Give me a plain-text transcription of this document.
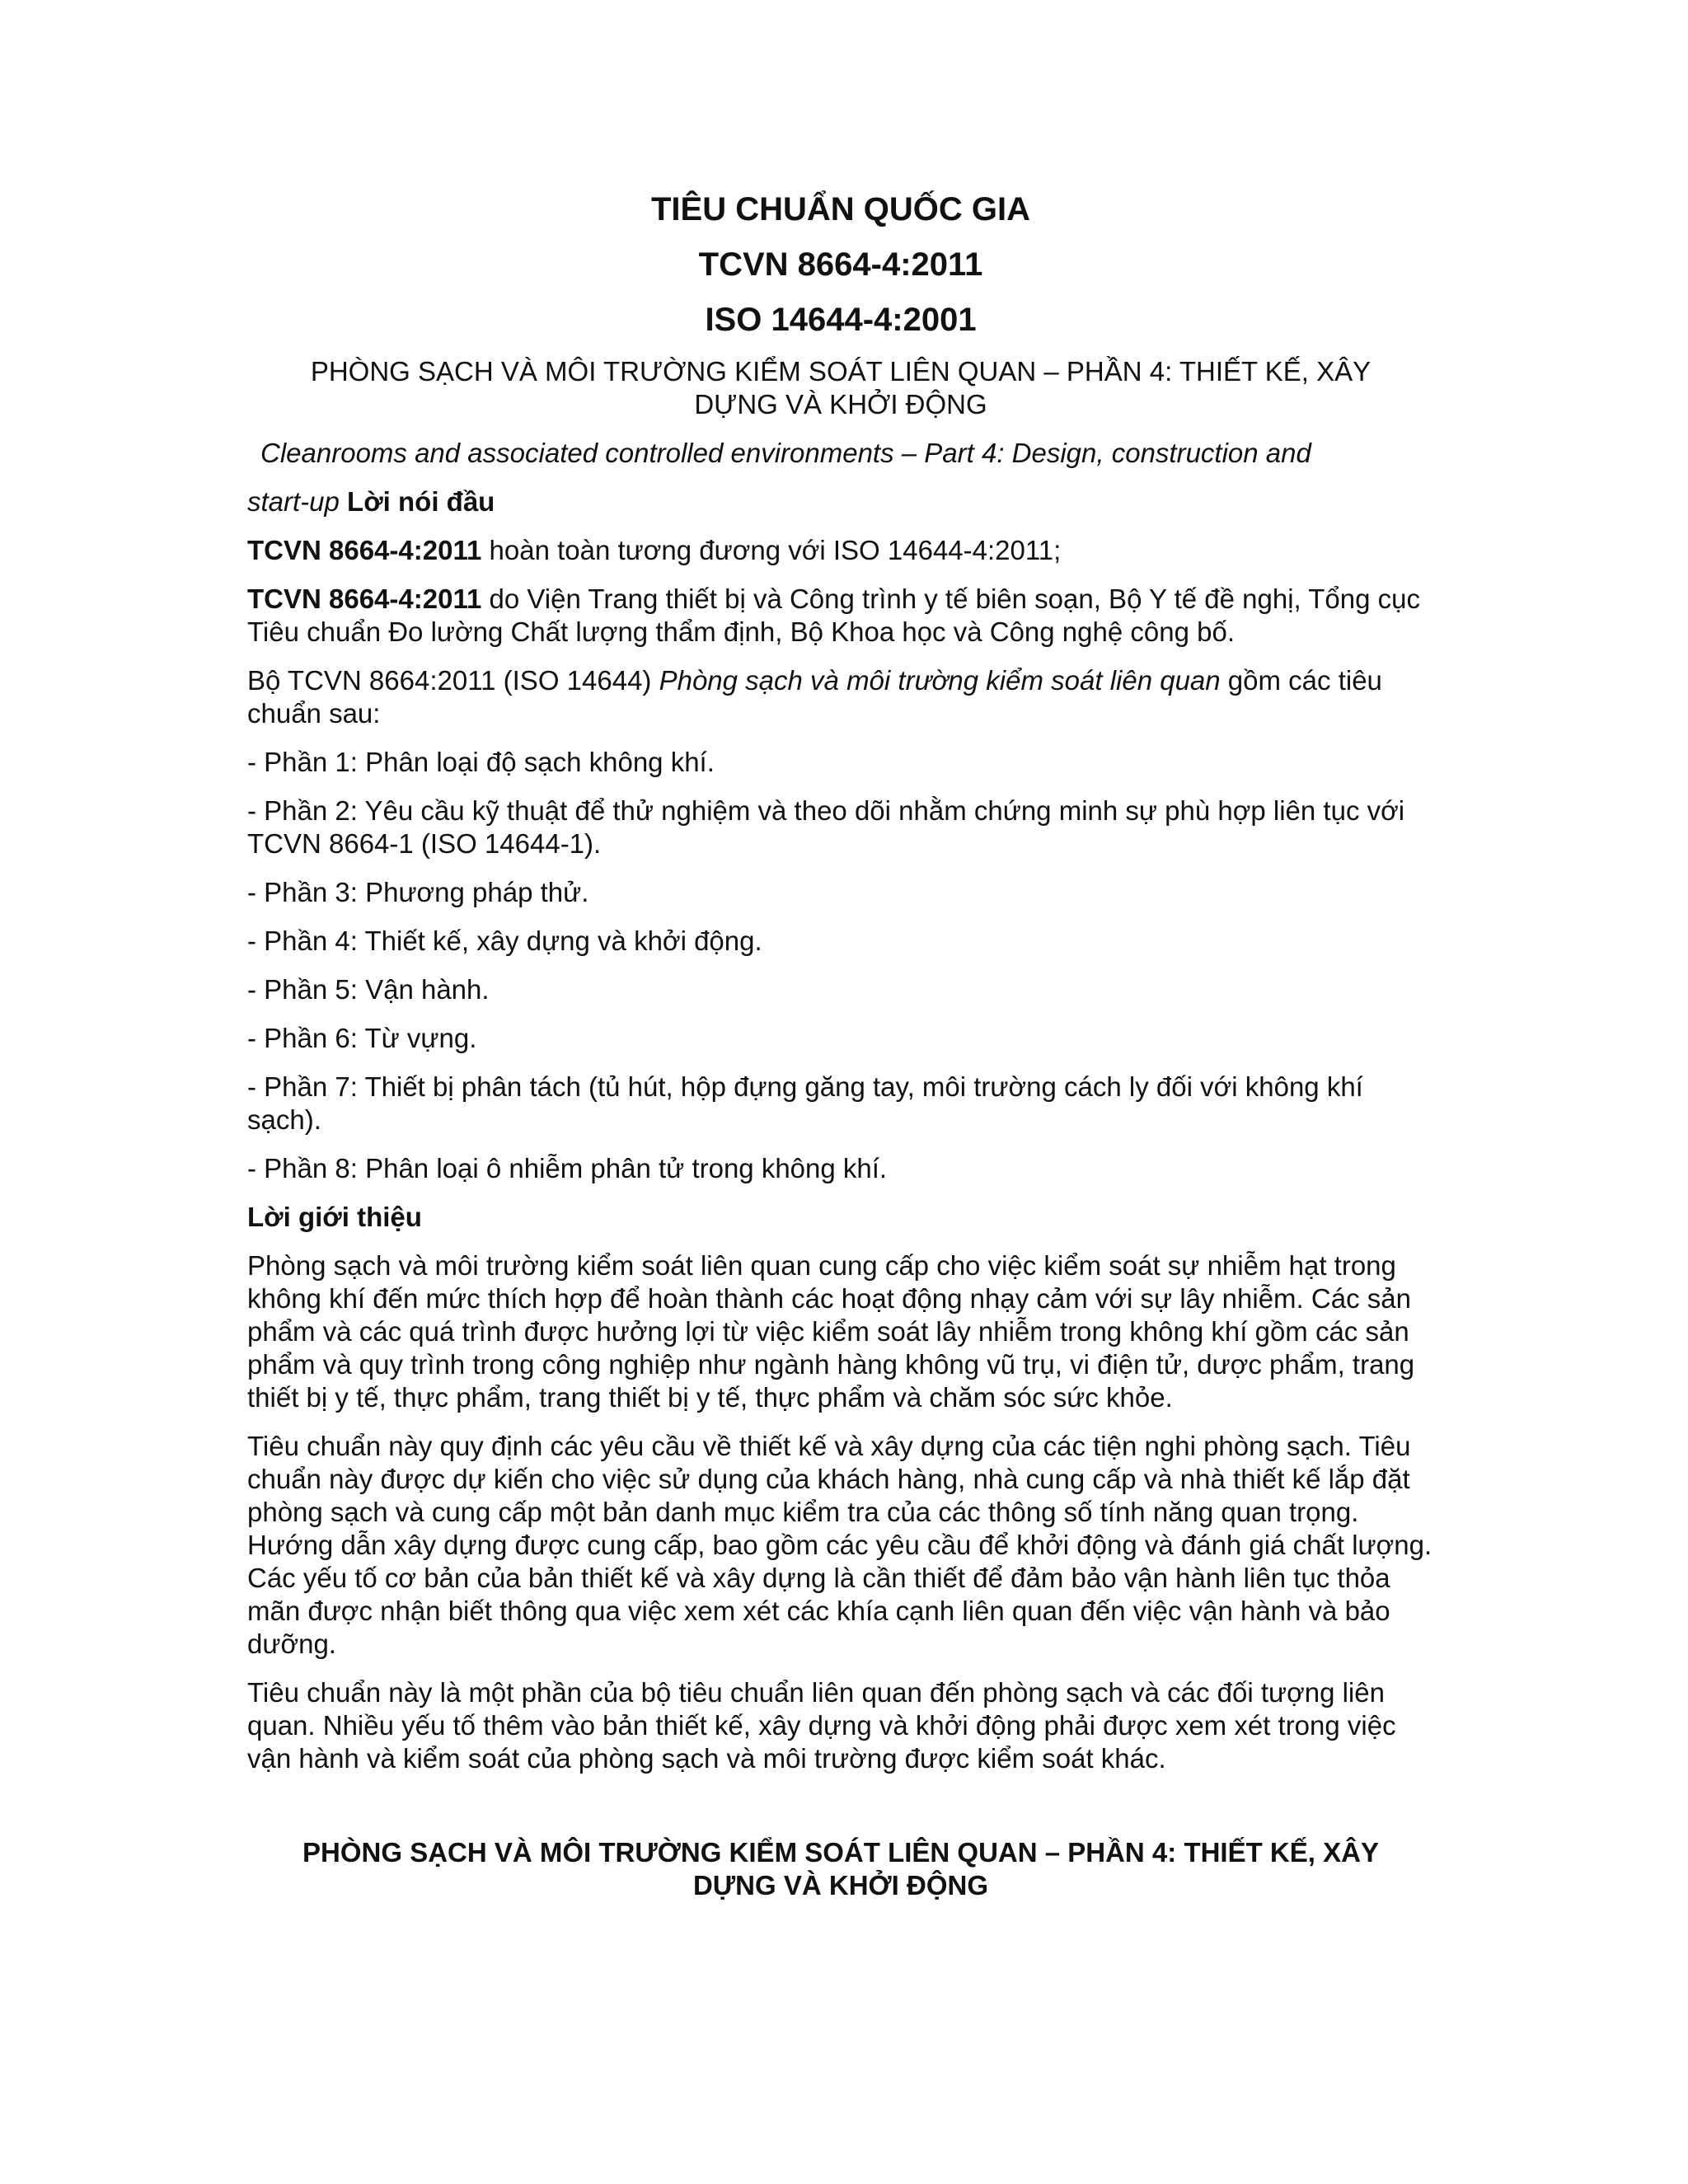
TIÊU CHUẨN QUỐC GIA
TCVN 8664-4:2011
ISO 14644-4:2001
PHÒNG SẠCH VÀ MÔI TRƯỜNG KIỂM SOÁT LIÊN QUAN – PHẦN 4: THIẾT KẾ, XÂY DỰNG VÀ KHỞI ĐỘNG

Cleanrooms and associated controlled environments – Part 4: Design, construction and

start-up Lời nói đầu

TCVN 8664-4:2011 hoàn toàn tương đương với ISO 14644-4:2011;

TCVN 8664-4:2011 do Viện Trang thiết bị và Công trình y tế biên soạn, Bộ Y tế đề nghị, Tổng cục Tiêu chuẩn Đo lường Chất lượng thẩm định, Bộ Khoa học và Công nghệ công bố.

Bộ TCVN 8664:2011 (ISO 14644) Phòng sạch và môi trường kiểm soát liên quan gồm các tiêu chuẩn sau:

- Phần 1: Phân loại độ sạch không khí.

- Phần 2: Yêu cầu kỹ thuật để thử nghiệm và theo dõi nhằm chứng minh sự phù hợp liên tục với TCVN 8664-1 (ISO 14644-1).

- Phần 3: Phương pháp thử.

- Phần 4: Thiết kế, xây dựng và khởi động.

- Phần 5: Vận hành.

- Phần 6: Từ vựng.

- Phần 7: Thiết bị phân tách (tủ hút, hộp đựng găng tay, môi trường cách ly đối với không khí sạch).

- Phần 8: Phân loại ô nhiễm phân tử trong không khí.

Lời giới thiệu

Phòng sạch và môi trường kiểm soát liên quan cung cấp cho việc kiểm soát sự nhiễm hạt trong không khí đến mức thích hợp để hoàn thành các hoạt động nhạy cảm với sự lây nhiễm. Các sản phẩm và các quá trình được hưởng lợi từ việc kiểm soát lây nhiễm trong không khí gồm các sản phẩm và quy trình trong công nghiệp như ngành hàng không vũ trụ, vi điện tử, dược phẩm, trang thiết bị y tế, thực phẩm, trang thiết bị y tế, thực phẩm và chăm sóc sức khỏe.

Tiêu chuẩn này quy định các yêu cầu về thiết kế và xây dựng của các tiện nghi phòng sạch. Tiêu chuẩn này được dự kiến cho việc sử dụng của khách hàng, nhà cung cấp và nhà thiết kế lắp đặt phòng sạch và cung cấp một bản danh mục kiểm tra của các thông số tính năng quan trọng. Hướng dẫn xây dựng được cung cấp, bao gồm các yêu cầu để khởi động và đánh giá chất lượng. Các yếu tố cơ bản của bản thiết kế và xây dựng là cần thiết để đảm bảo vận hành liên tục thỏa mãn được nhận biết thông qua việc xem xét các khía cạnh liên quan đến việc vận hành và bảo dưỡng.

Tiêu chuẩn này là một phần của bộ tiêu chuẩn liên quan đến phòng sạch và các đối tượng liên quan. Nhiều yếu tố thêm vào bản thiết kế, xây dựng và khởi động phải được xem xét trong việc vận hành và kiểm soát của phòng sạch và môi trường được kiểm soát khác.

PHÒNG SẠCH VÀ MÔI TRƯỜNG KIỂM SOÁT LIÊN QUAN – PHẦN 4: THIẾT KẾ, XÂY DỰNG VÀ KHỞI ĐỘNG
